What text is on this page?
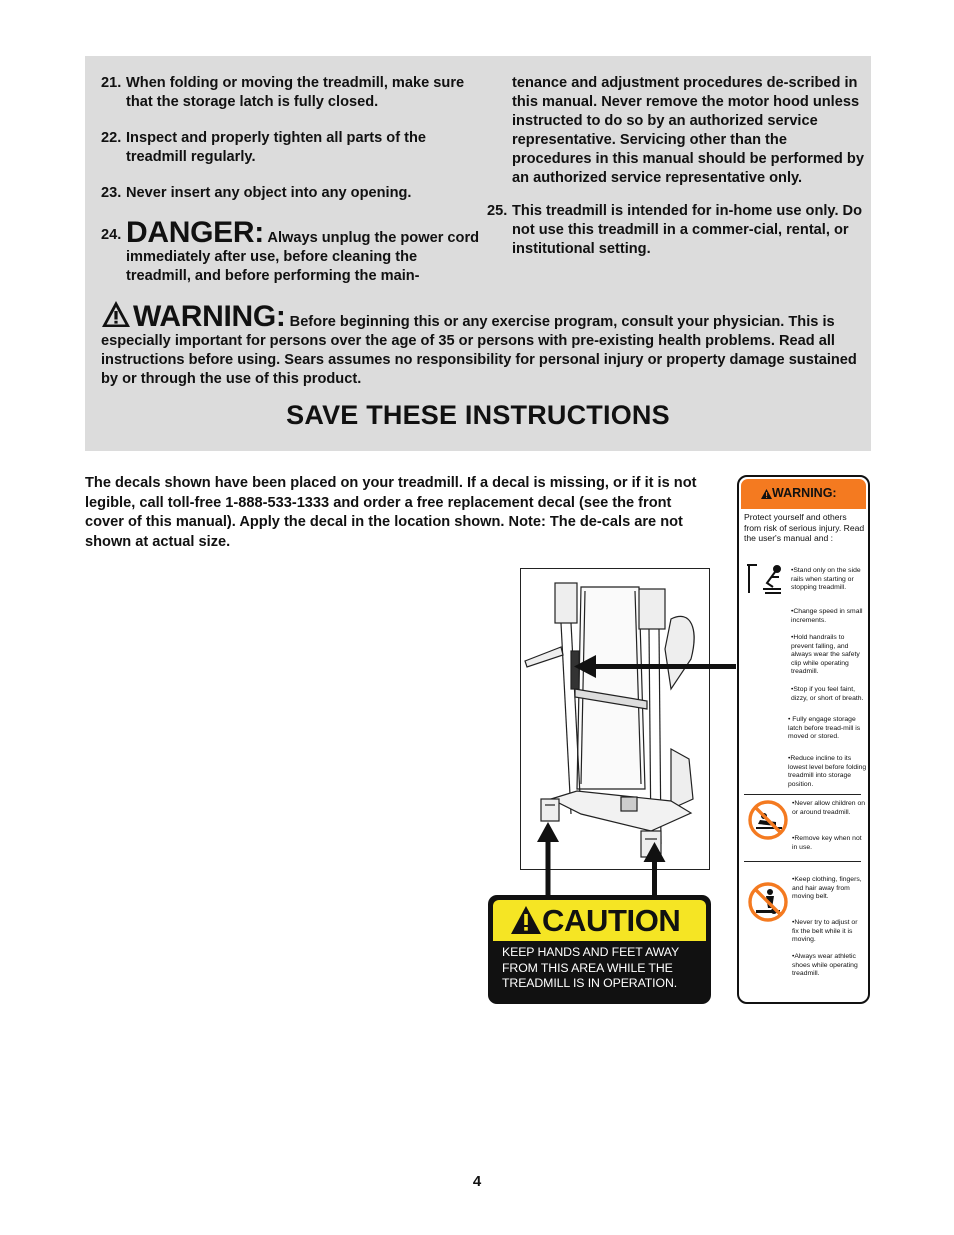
21. When folding or moving the treadmill, make sure that the storage latch is fully closed.
22. Inspect and properly tighten all parts of the treadmill regularly.
23. Never insert any object into any opening.
24. DANGER: Always unplug the power cord immediately after use, before cleaning the treadmill, and before performing the main-
tenance and adjustment procedures de-scribed in this manual. Never remove the motor hood unless instructed to do so by an authorized service representative. Servicing other than the procedures in this manual should be performed by an authorized service representative only.
25. This treadmill is intended for in-home use only. Do not use this treadmill in a commer-cial, rental, or institutional setting.
WARNING: Before beginning this or any exercise program, consult your physician. This is especially important for persons over the age of 35 or persons with pre-existing health problems. Read all instructions before using. Sears assumes no responsibility for personal injury or property damage sustained by or through the use of this product.
SAVE THESE INSTRUCTIONS
The decals shown have been placed on your treadmill. If a decal is missing, or if it is not legible, call toll-free 1-888-533-1333 and order a free replacement decal (see the front cover of this manual). Apply the decal in the location shown. Note: The de-cals are not shown at actual size.
CAUTION
KEEP HANDS AND FEET AWAY
FROM THIS AREA WHILE THE
TREADMILL IS IN OPERATION.
WARNING:
Protect yourself and others from risk of serious injury. Read the user's manual and :
•Stand only on the side rails when starting or stopping treadmill.
•Change speed in small increments.
•Hold handrails to prevent falling, and always wear the safety clip while operating treadmill.
•Stop if you feel faint, dizzy, or short of breath.
• Fully engage storage latch before tread-mill is moved or stored.
•Reduce incline to its lowest level before folding treadmill into storage position.
•Never allow children on or around treadmill.
•Remove key when not in use.
•Keep clothing, fingers, and hair away from moving belt.
•Never try to adjust or fix the belt while it is moving.
•Always wear athletic shoes while operating treadmill.
4
